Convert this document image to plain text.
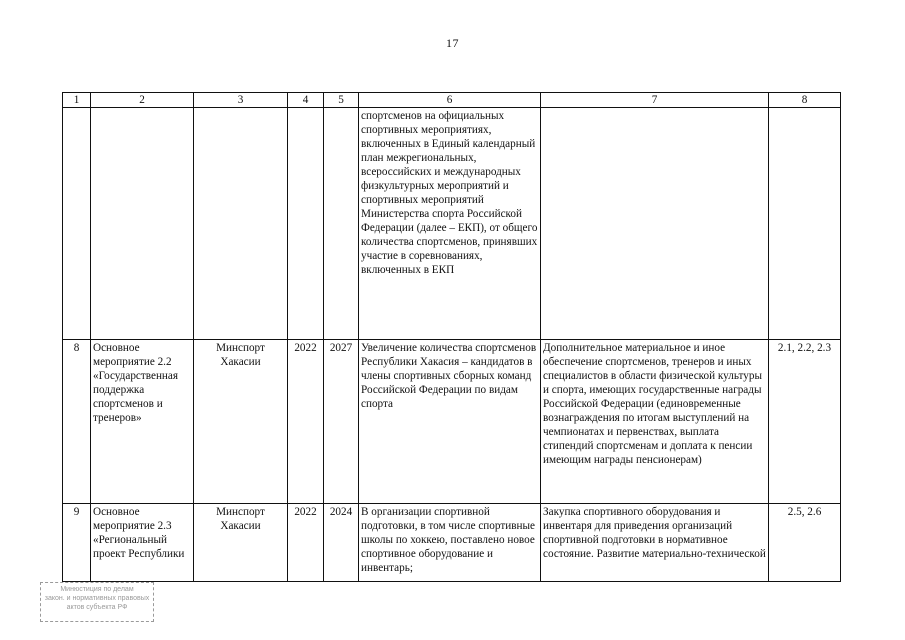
17
1	2	3	4	5	6	7	8
					спортсменов на официальных спортивных мероприятиях, включенных в Единый календарный план межрегиональных, всероссийских и международных физкультурных мероприятий и спортивных мероприятий Министерства спорта Российской Федерации (далее – ЕКП), от общего количества спортсменов, принявших участие в соревнованиях, включенных в ЕКП		
8	Основное мероприятие 2.2 «Государственная поддержка спортсменов и тренеров»	Минспорт Хакасии	2022	2027	Увеличение количества спортсменов Республики Хакасия – кандидатов в члены спортивных сборных команд Российской Федерации по видам спорта	Дополнительное материальное и иное обеспечение спортсменов, тренеров и иных специалистов в области физической культуры и спорта, имеющих государственные награды Российской Федерации (единовременные вознаграждения по итогам выступлений на чемпионатах и первенствах, выплата стипендий спортсменам и доплата к пенсии имеющим награды пенсионерам)	2.1, 2.2, 2.3
9	Основное мероприятие 2.3 «Региональный проект Республики	Минспорт Хакасии	2022	2024	В организации спортивной подготовки, в том числе спортивные школы по хоккею, поставлено новое спортивное оборудование и инвентарь;	Закупка спортивного оборудования и инвентаря для приведения организаций спортивной подготовки в нормативное состояние. Развитие материально-технической	2.5, 2.6
Минюстиция по делам
закон. и нормативных правовых
актов субъекта РФ
